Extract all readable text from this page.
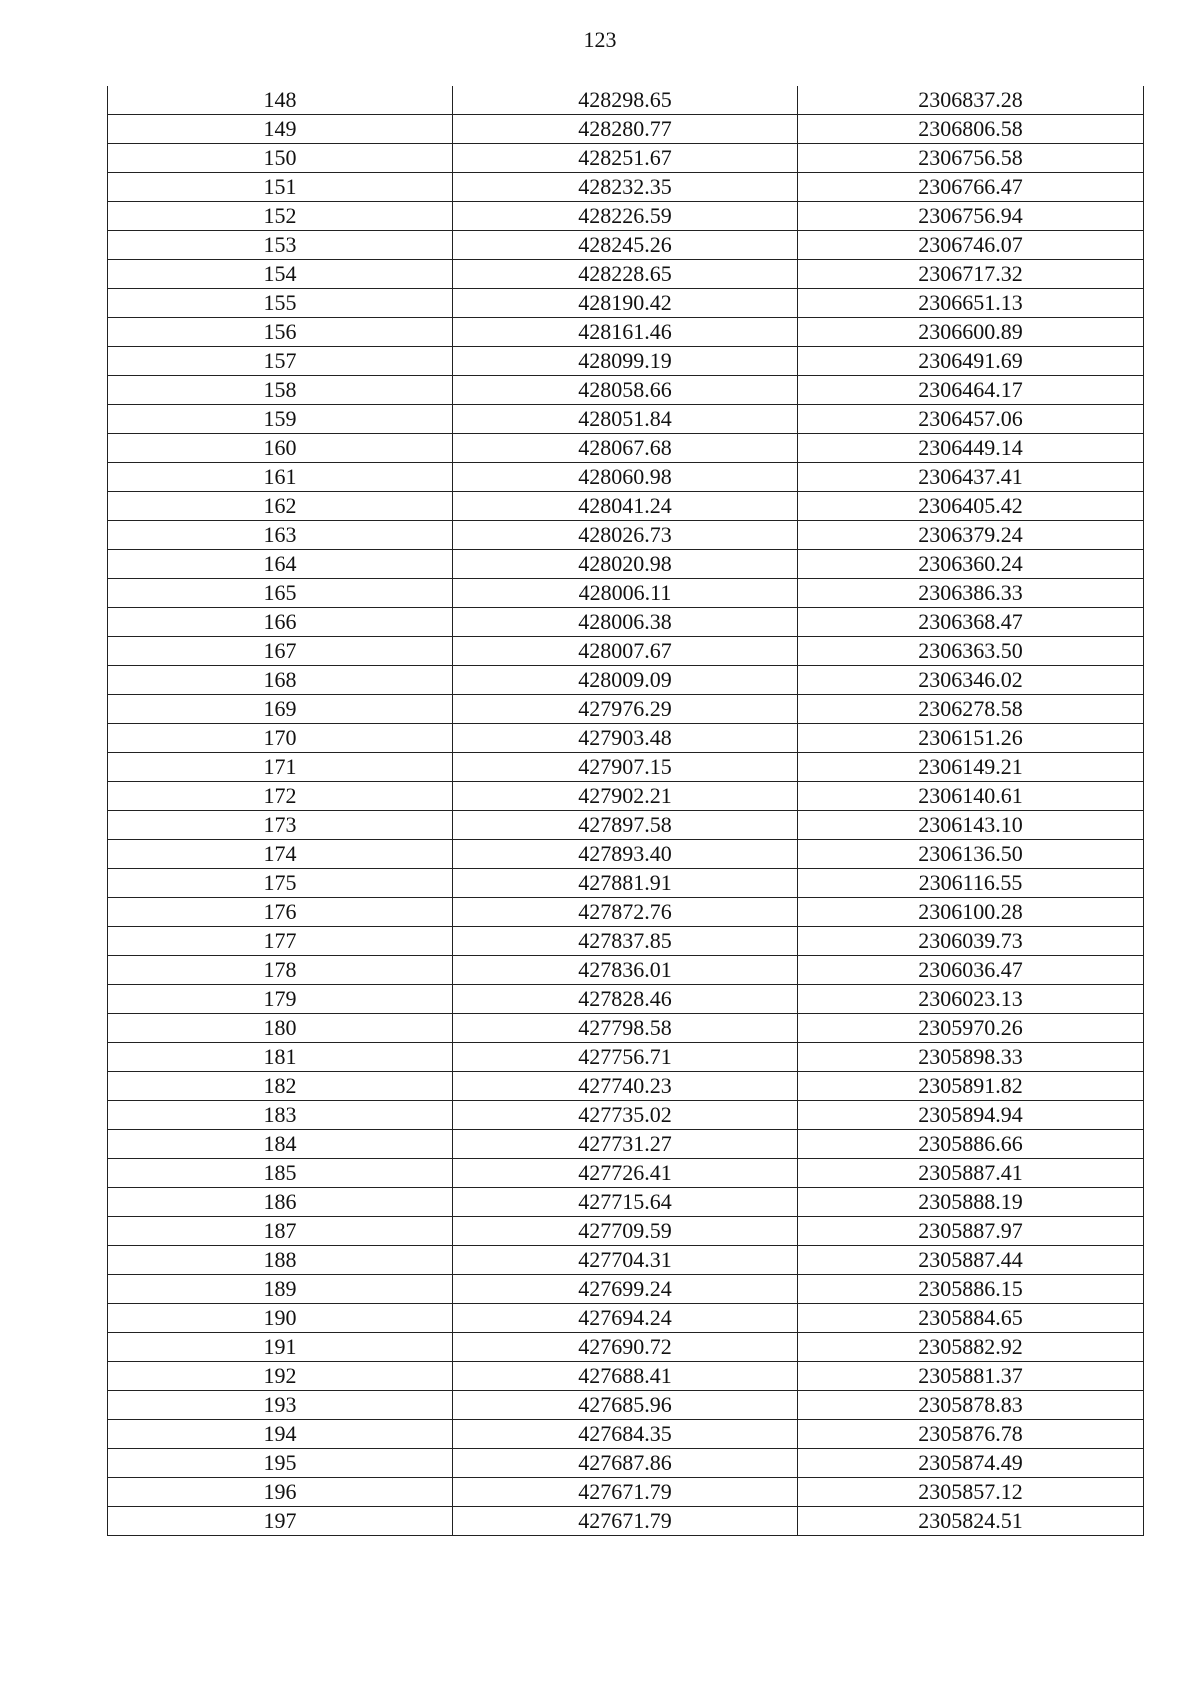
123
148	428298.65	2306837.28
149	428280.77	2306806.58
150	428251.67	2306756.58
151	428232.35	2306766.47
152	428226.59	2306756.94
153	428245.26	2306746.07
154	428228.65	2306717.32
155	428190.42	2306651.13
156	428161.46	2306600.89
157	428099.19	2306491.69
158	428058.66	2306464.17
159	428051.84	2306457.06
160	428067.68	2306449.14
161	428060.98	2306437.41
162	428041.24	2306405.42
163	428026.73	2306379.24
164	428020.98	2306360.24
165	428006.11	2306386.33
166	428006.38	2306368.47
167	428007.67	2306363.50
168	428009.09	2306346.02
169	427976.29	2306278.58
170	427903.48	2306151.26
171	427907.15	2306149.21
172	427902.21	2306140.61
173	427897.58	2306143.10
174	427893.40	2306136.50
175	427881.91	2306116.55
176	427872.76	2306100.28
177	427837.85	2306039.73
178	427836.01	2306036.47
179	427828.46	2306023.13
180	427798.58	2305970.26
181	427756.71	2305898.33
182	427740.23	2305891.82
183	427735.02	2305894.94
184	427731.27	2305886.66
185	427726.41	2305887.41
186	427715.64	2305888.19
187	427709.59	2305887.97
188	427704.31	2305887.44
189	427699.24	2305886.15
190	427694.24	2305884.65
191	427690.72	2305882.92
192	427688.41	2305881.37
193	427685.96	2305878.83
194	427684.35	2305876.78
195	427687.86	2305874.49
196	427671.79	2305857.12
197	427671.79	2305824.51
